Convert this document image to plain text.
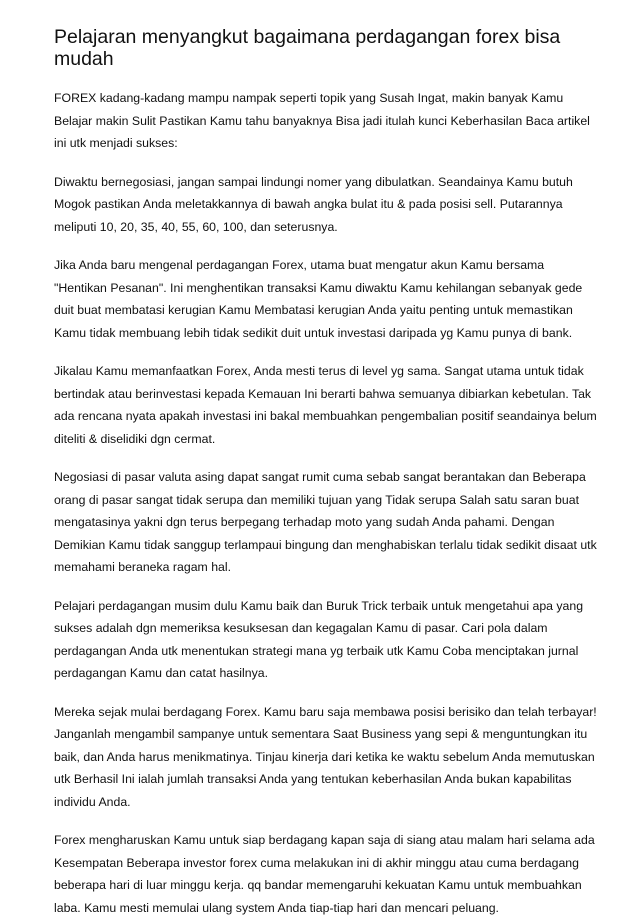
Pelajaran menyangkut bagaimana perdagangan forex bisa mudah

FOREX kadang-kadang mampu nampak seperti topik yang Susah Ingat, makin banyak Kamu Belajar makin Sulit Pastikan Kamu tahu banyaknya Bisa jadi itulah kunci Keberhasilan Baca artikel ini utk menjadi sukses:

Diwaktu bernegosiasi, jangan sampai lindungi nomer yang dibulatkan. Seandainya Kamu butuh Mogok pastikan Anda meletakkannya di bawah angka bulat itu & pada posisi sell. Putarannya meliputi 10, 20, 35, 40, 55, 60, 100, dan seterusnya.

Jika Anda baru mengenal perdagangan Forex, utama buat mengatur akun Kamu bersama "Hentikan Pesanan". Ini menghentikan transaksi Kamu diwaktu Kamu kehilangan sebanyak gede duit buat membatasi kerugian Kamu Membatasi kerugian Anda yaitu penting untuk memastikan Kamu tidak membuang lebih tidak sedikit duit untuk investasi daripada yg Kamu punya di bank.

Jikalau Kamu memanfaatkan Forex, Anda mesti terus di level yg sama. Sangat utama untuk tidak bertindak atau berinvestasi kepada Kemauan Ini berarti bahwa semuanya dibiarkan kebetulan. Tak ada rencana nyata apakah investasi ini bakal membuahkan pengembalian positif seandainya belum diteliti & diselidiki dgn cermat.

Negosiasi di pasar valuta asing dapat sangat rumit cuma sebab sangat berantakan dan Beberapa orang di pasar sangat tidak serupa dan memiliki tujuan yang Tidak serupa Salah satu saran buat mengatasinya yakni dgn terus berpegang terhadap moto yang sudah Anda pahami. Dengan Demikian Kamu tidak sanggup terlampaui bingung dan menghabiskan terlalu tidak sedikit disaat utk memahami beraneka ragam hal.

Pelajari perdagangan musim dulu Kamu baik dan Buruk Trick terbaik untuk mengetahui apa yang sukses adalah dgn memeriksa kesuksesan dan kegagalan Kamu di pasar. Cari pola dalam perdagangan Anda utk menentukan strategi mana yg terbaik utk Kamu Coba menciptakan jurnal perdagangan Kamu dan catat hasilnya.

Mereka sejak mulai berdagang Forex. Kamu baru saja membawa posisi berisiko dan telah terbayar! Janganlah mengambil sampanye untuk sementara Saat Business yang sepi & menguntungkan itu baik, dan Anda harus menikmatinya. Tinjau kinerja dari ketika ke waktu sebelum Anda memutuskan utk Berhasil Ini ialah jumlah transaksi Anda yang tentukan keberhasilan Anda bukan kapabilitas individu Anda.

Forex mengharuskan Kamu untuk siap berdagang kapan saja di siang atau malam hari selama ada Kesempatan Beberapa investor forex cuma melakukan ini di akhir minggu atau cuma berdagang beberapa hari di luar minggu kerja. qq bandar memengaruhi kekuatan Kamu untuk membuahkan laba. Kamu mesti memulai ulang system Anda tiap-tiap hari dan mencari peluang.
